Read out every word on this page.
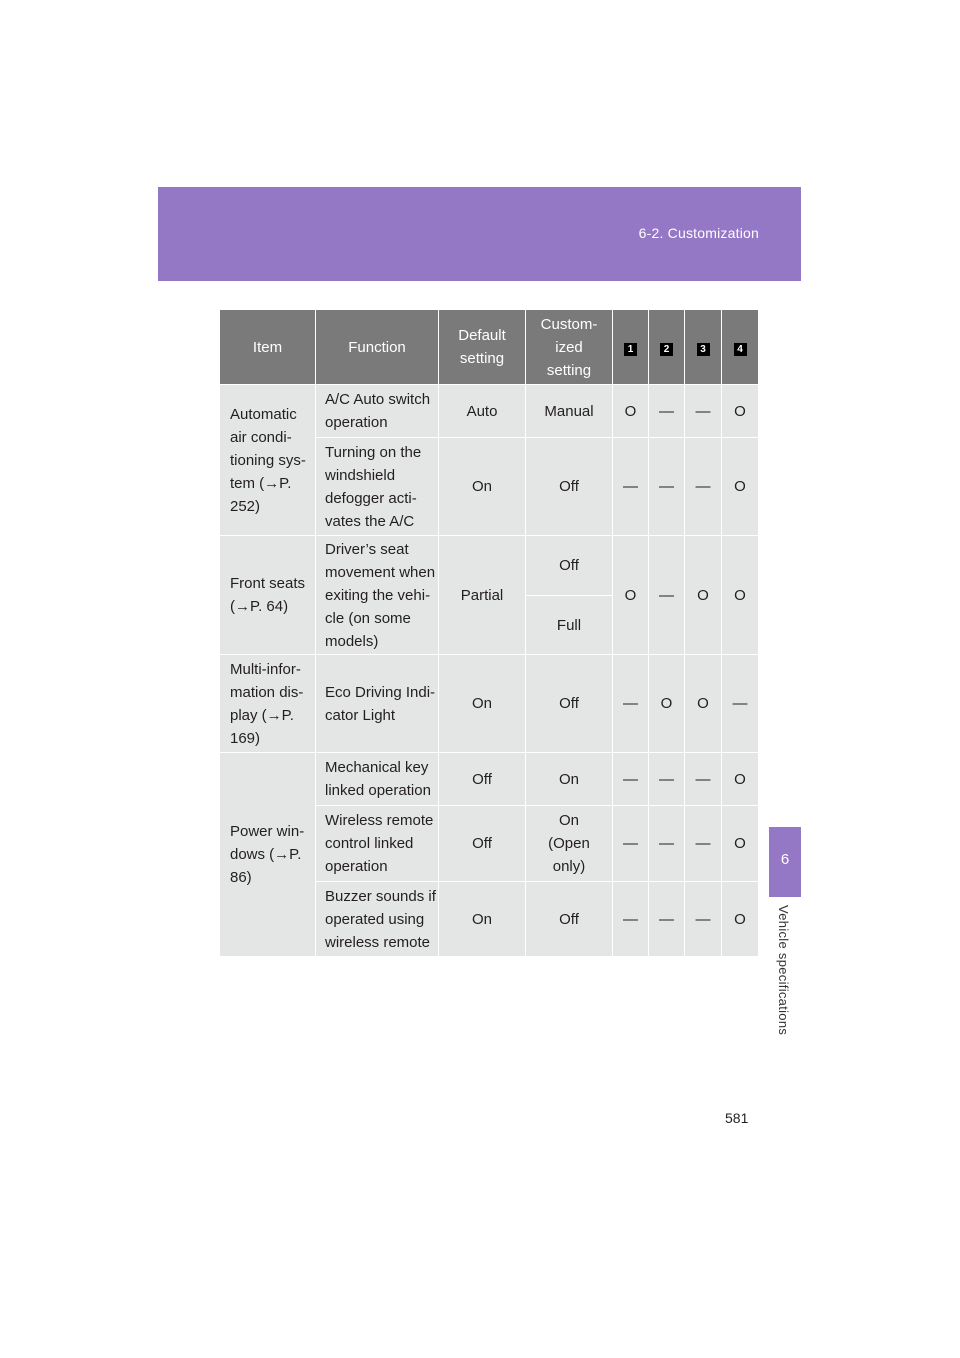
6-2. Customization
6
Vehicle specifications
Item	Function	Default setting	Custom-ized setting	1	2	3	4
Automatic air condi-tioning sys-tem (→P. 252)	A/C Auto switch operation	Auto	Manual	O	—	—	O
	Turning on the windshield defogger acti-vates the A/C	On	Off	—	—	—	O
Front seats (→P. 64)	Driver’s seat movement when exiting the vehi-cle (on some models)	Partial	Off	O	—	O	O
			Full				
Multi-infor-mation dis-play (→P. 169)	Eco Driving Indi-cator Light	On	Off	—	O	O	—
Power win-dows (→P. 86)	Mechanical key linked operation	Off	On	—	—	—	O
	Wireless remote control linked operation	Off	On (Open only)	—	—	—	O
	Buzzer sounds if operated using wireless remote	On	Off	—	—	—	O
581
